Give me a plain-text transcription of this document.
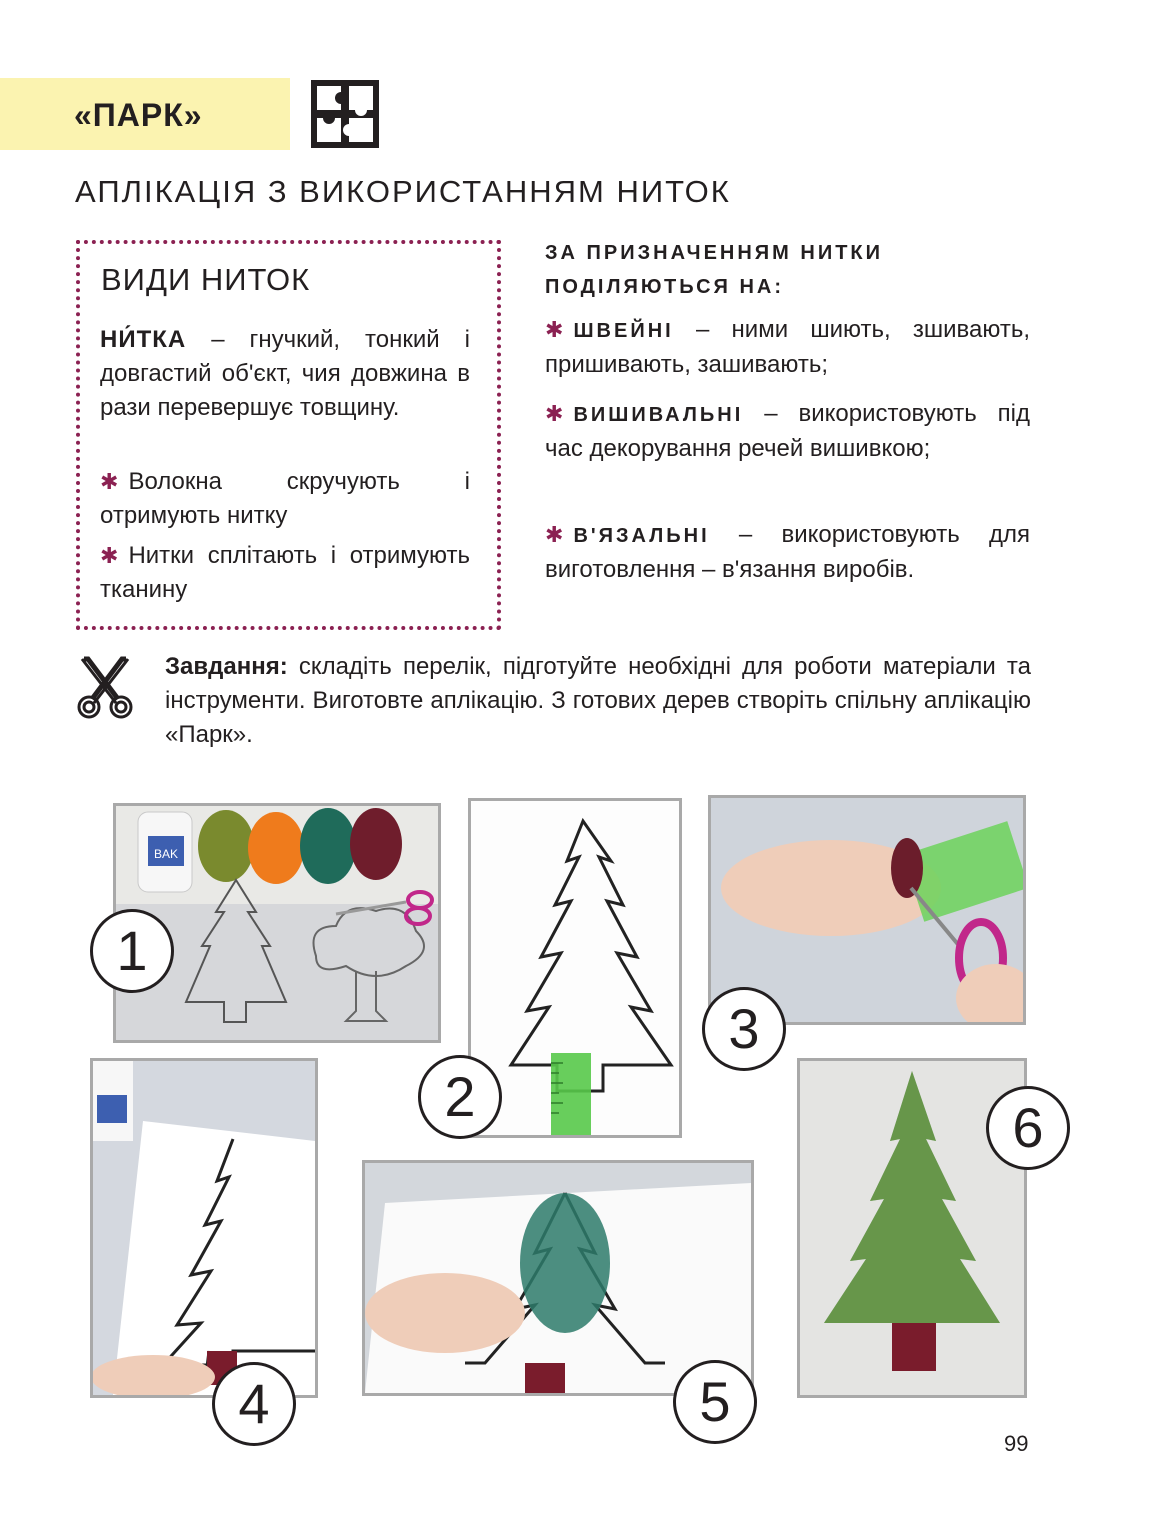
«ПАРК»
АПЛІКАЦІЯ З ВИКОРИСТАННЯМ НИТОК
ВИДИ НИТОК
НИ́ТКА – гнучкий, тонкий і довгастий об'єкт, чия довжина в рази перевершує товщину.
✱ Волокна скручують і отримують нитку
✱ Нитки сплітають і отримують тканину
ЗА ПРИЗНАЧЕННЯМ НИТКИ
ПОДІЛЯЮТЬСЯ НА:
✱ ШВЕЙНІ – ними шиють, зшивають, пришивають, зашивають;
✱ ВИШИВАЛЬНІ – використовують під час декорування речей вишивкою;
✱ В'ЯЗАЛЬНІ – використовують для виготовлення – в'язання виробів.
Завдання: складіть перелік, підготуйте необхідні для роботи матеріали та інструменти. Виготовте аплікацію. З готових дерев створіть спільну аплікацію «Парк».
BAK
1
2
3
4	5
6
99
